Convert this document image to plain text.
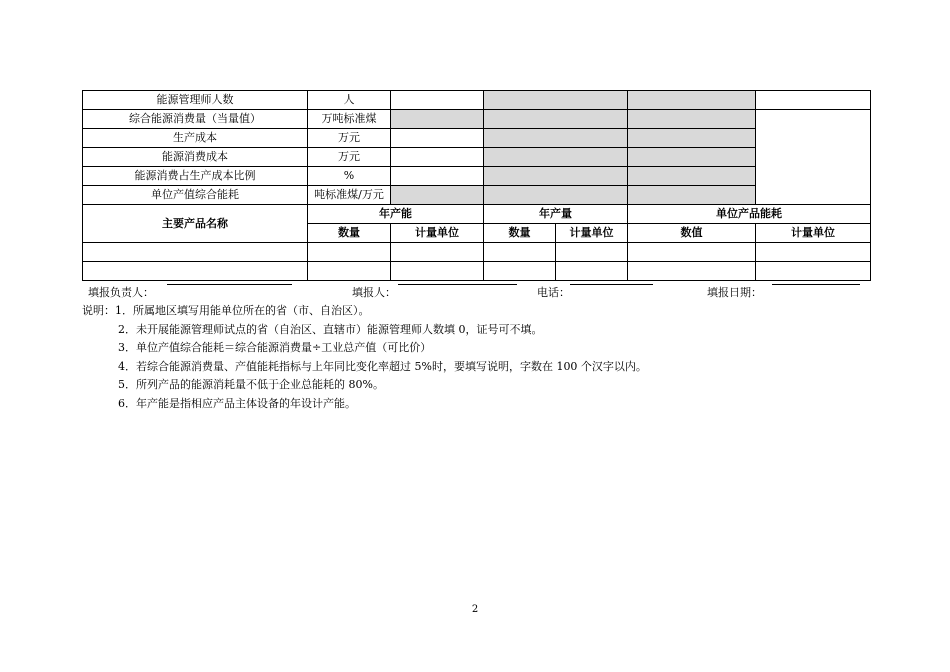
能源管理师人数	人					
综合能源消费量（当量值）	万吨标准煤					
生产成本	万元					
能源消费成本	万元					
能源消费占生产成本比例	%					
单位产值综合能耗	吨标准煤/万元					
主要产品名称	年产能		年产量		单位产品能耗	
	数量	计量单位	数量	计量单位	数值	计量单位

填报负责人：	填报人：	电话：	填报日期：
说明：1．所属地区填写用能单位所在的省（市、自治区）。
2．未开展能源管理师试点的省（自治区、直辖市）能源管理师人数填 0，证号可不填。
3．单位产值综合能耗＝综合能源消费量÷工业总产值（可比价）
4．若综合能源消费量、产值能耗指标与上年同比变化率超过 5%时，要填写说明，字数在 100 个汉字以内。
5．所列产品的能源消耗量不低于企业总能耗的 80%。
6．年产能是指相应产品主体设备的年设计产能。
2
